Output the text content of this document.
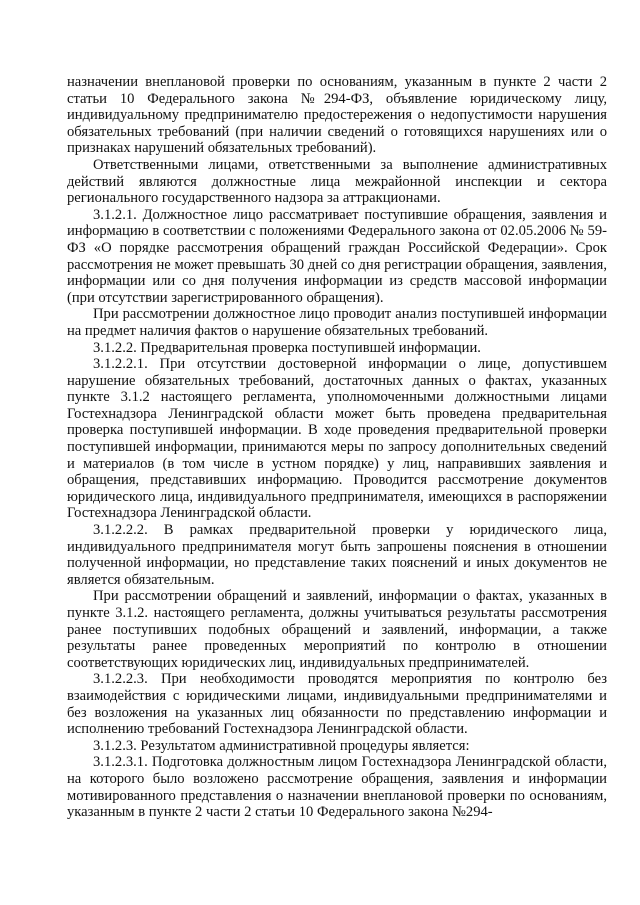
назначении внеплановой проверки по основаниям, указанным в пункте 2 части 2 статьи 10 Федерального закона №294-ФЗ, объявление юридическому лицу, индивидуальному предпринимателю предостережения о недопустимости нарушения обязательных требований (при наличии сведений о готовящихся нарушениях или о признаках нарушений обязательных требований).

Ответственными лицами, ответственными за выполнение административных действий являются должностные лица межрайонной инспекции и сектора регионального государственного надзора за аттракционами.

3.1.2.1. Должностное лицо рассматривает поступившие обращения, заявления и информацию в соответствии с положениями Федерального закона от 02.05.2006 № 59-ФЗ «О порядке рассмотрения обращений граждан Российской Федерации». Срок рассмотрения не может превышать 30 дней со дня регистрации обращения, заявления, информации или со дня получения информации из средств массовой информации (при отсутствии зарегистрированного обращения).

При рассмотрении должностное лицо проводит анализ поступившей информации на предмет наличия фактов о нарушение обязательных требований.

3.1.2.2. Предварительная проверка поступившей информации.

3.1.2.2.1. При отсутствии достоверной информации о лице, допустившем нарушение обязательных требований, достаточных данных о фактах, указанных пункте 3.1.2 настоящего регламента, уполномоченными должностными лицами Гостехнадзора Ленинградской области может быть проведена предварительная проверка поступившей информации. В ходе проведения предварительной проверки поступившей информации, принимаются меры по запросу дополнительных сведений и материалов (в том числе в устном порядке) у лиц, направивших заявления и обращения, представивших информацию. Проводится рассмотрение документов юридического лица, индивидуального предпринимателя, имеющихся в распоряжении Гостехнадзора Ленинградской области.

3.1.2.2.2. В рамках предварительной проверки у юридического лица, индивидуального предпринимателя могут быть запрошены пояснения в отношении полученной информации, но представление таких пояснений и иных документов не является обязательным.

При рассмотрении обращений и заявлений, информации о фактах, указанных в пункте 3.1.2. настоящего регламента, должны учитываться результаты рассмотрения ранее поступивших подобных обращений и заявлений, информации, а также результаты ранее проведенных мероприятий по контролю в отношении соответствующих юридических лиц, индивидуальных предпринимателей.

3.1.2.2.3. При необходимости проводятся мероприятия по контролю без взаимодействия с юридическими лицами, индивидуальными предпринимателями и без возложения на указанных лиц обязанности по представлению информации и исполнению требований Гостехнадзора Ленинградской области.

3.1.2.3. Результатом административной процедуры является:

3.1.2.3.1. Подготовка должностным лицом Гостехнадзора Ленинградской области, на которого было возложено рассмотрение обращения, заявления и информации мотивированного представления о назначении внеплановой проверки по основаниям, указанным в пункте 2 части 2 статьи 10 Федерального закона №294-
